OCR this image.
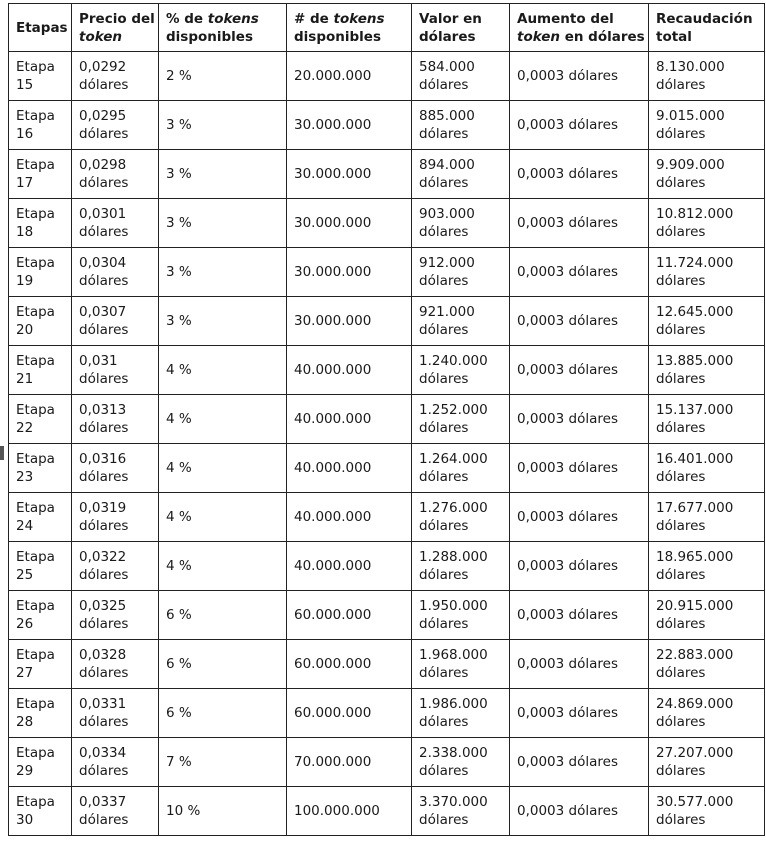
Etapas	Precio del token	% de tokens disponibles	# de tokens disponibles	Valor en dólares	Aumento del token en dólares	Recaudación total
Etapa 15	0,0292 dólares	2 %	20.000.000	584.000 dólares	0,0003 dólares	8.130.000 dólares
Etapa 16	0,0295 dólares	3 %	30.000.000	885.000 dólares	0,0003 dólares	9.015.000 dólares
Etapa 17	0,0298 dólares	3 %	30.000.000	894.000 dólares	0,0003 dólares	9.909.000 dólares
Etapa 18	0,0301 dólares	3 %	30.000.000	903.000 dólares	0,0003 dólares	10.812.000 dólares
Etapa 19	0,0304 dólares	3 %	30.000.000	912.000 dólares	0,0003 dólares	11.724.000 dólares
Etapa 20	0,0307 dólares	3 %	30.000.000	921.000 dólares	0,0003 dólares	12.645.000 dólares
Etapa 21	0,031 dólares	4 %	40.000.000	1.240.000 dólares	0,0003 dólares	13.885.000 dólares
Etapa 22	0,0313 dólares	4 %	40.000.000	1.252.000 dólares	0,0003 dólares	15.137.000 dólares
Etapa 23	0,0316 dólares	4 %	40.000.000	1.264.000 dólares	0,0003 dólares	16.401.000 dólares
Etapa 24	0,0319 dólares	4 %	40.000.000	1.276.000 dólares	0,0003 dólares	17.677.000 dólares
Etapa 25	0,0322 dólares	4 %	40.000.000	1.288.000 dólares	0,0003 dólares	18.965.000 dólares
Etapa 26	0,0325 dólares	6 %	60.000.000	1.950.000 dólares	0,0003 dólares	20.915.000 dólares
Etapa 27	0,0328 dólares	6 %	60.000.000	1.968.000 dólares	0,0003 dólares	22.883.000 dólares
Etapa 28	0,0331 dólares	6 %	60.000.000	1.986.000 dólares	0,0003 dólares	24.869.000 dólares
Etapa 29	0,0334 dólares	7 %	70.000.000	2.338.000 dólares	0,0003 dólares	27.207.000 dólares
Etapa 30	0,0337 dólares	10 %	100.000.000	3.370.000 dólares	0,0003 dólares	30.577.000 dólares
